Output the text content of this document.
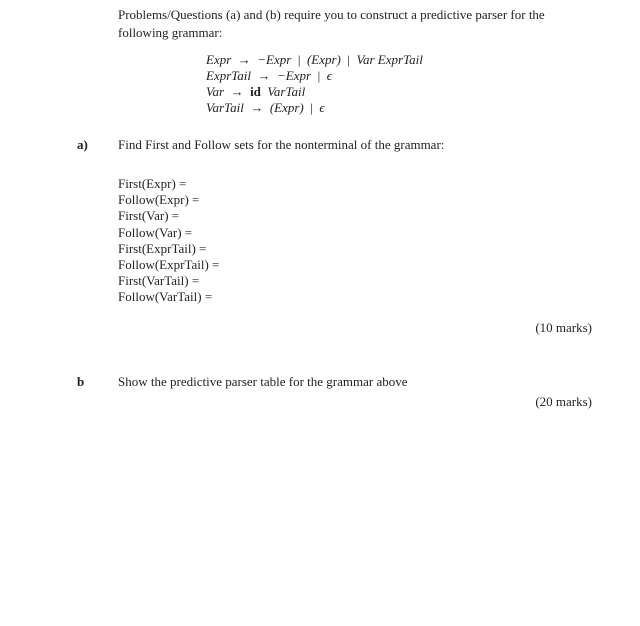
Problems/Questions (a) and (b) require you to construct a predictive parser for the following grammar:
Expr → −Expr | (Expr) | Var ExprTail
ExprTail → −Expr | ϵ
Var → id VarTail
VarTail → (Expr) | ϵ
a) Find First and Follow sets for the nonterminal of the grammar:
First(Expr) =
Follow(Expr) =
First(Var) =
Follow(Var) =
First(ExprTail) =
Follow(ExprTail) =
First(VarTail) =
Follow(VarTail) =
(10 marks)
b	Show the predictive parser table for the grammar above
(20 marks)
